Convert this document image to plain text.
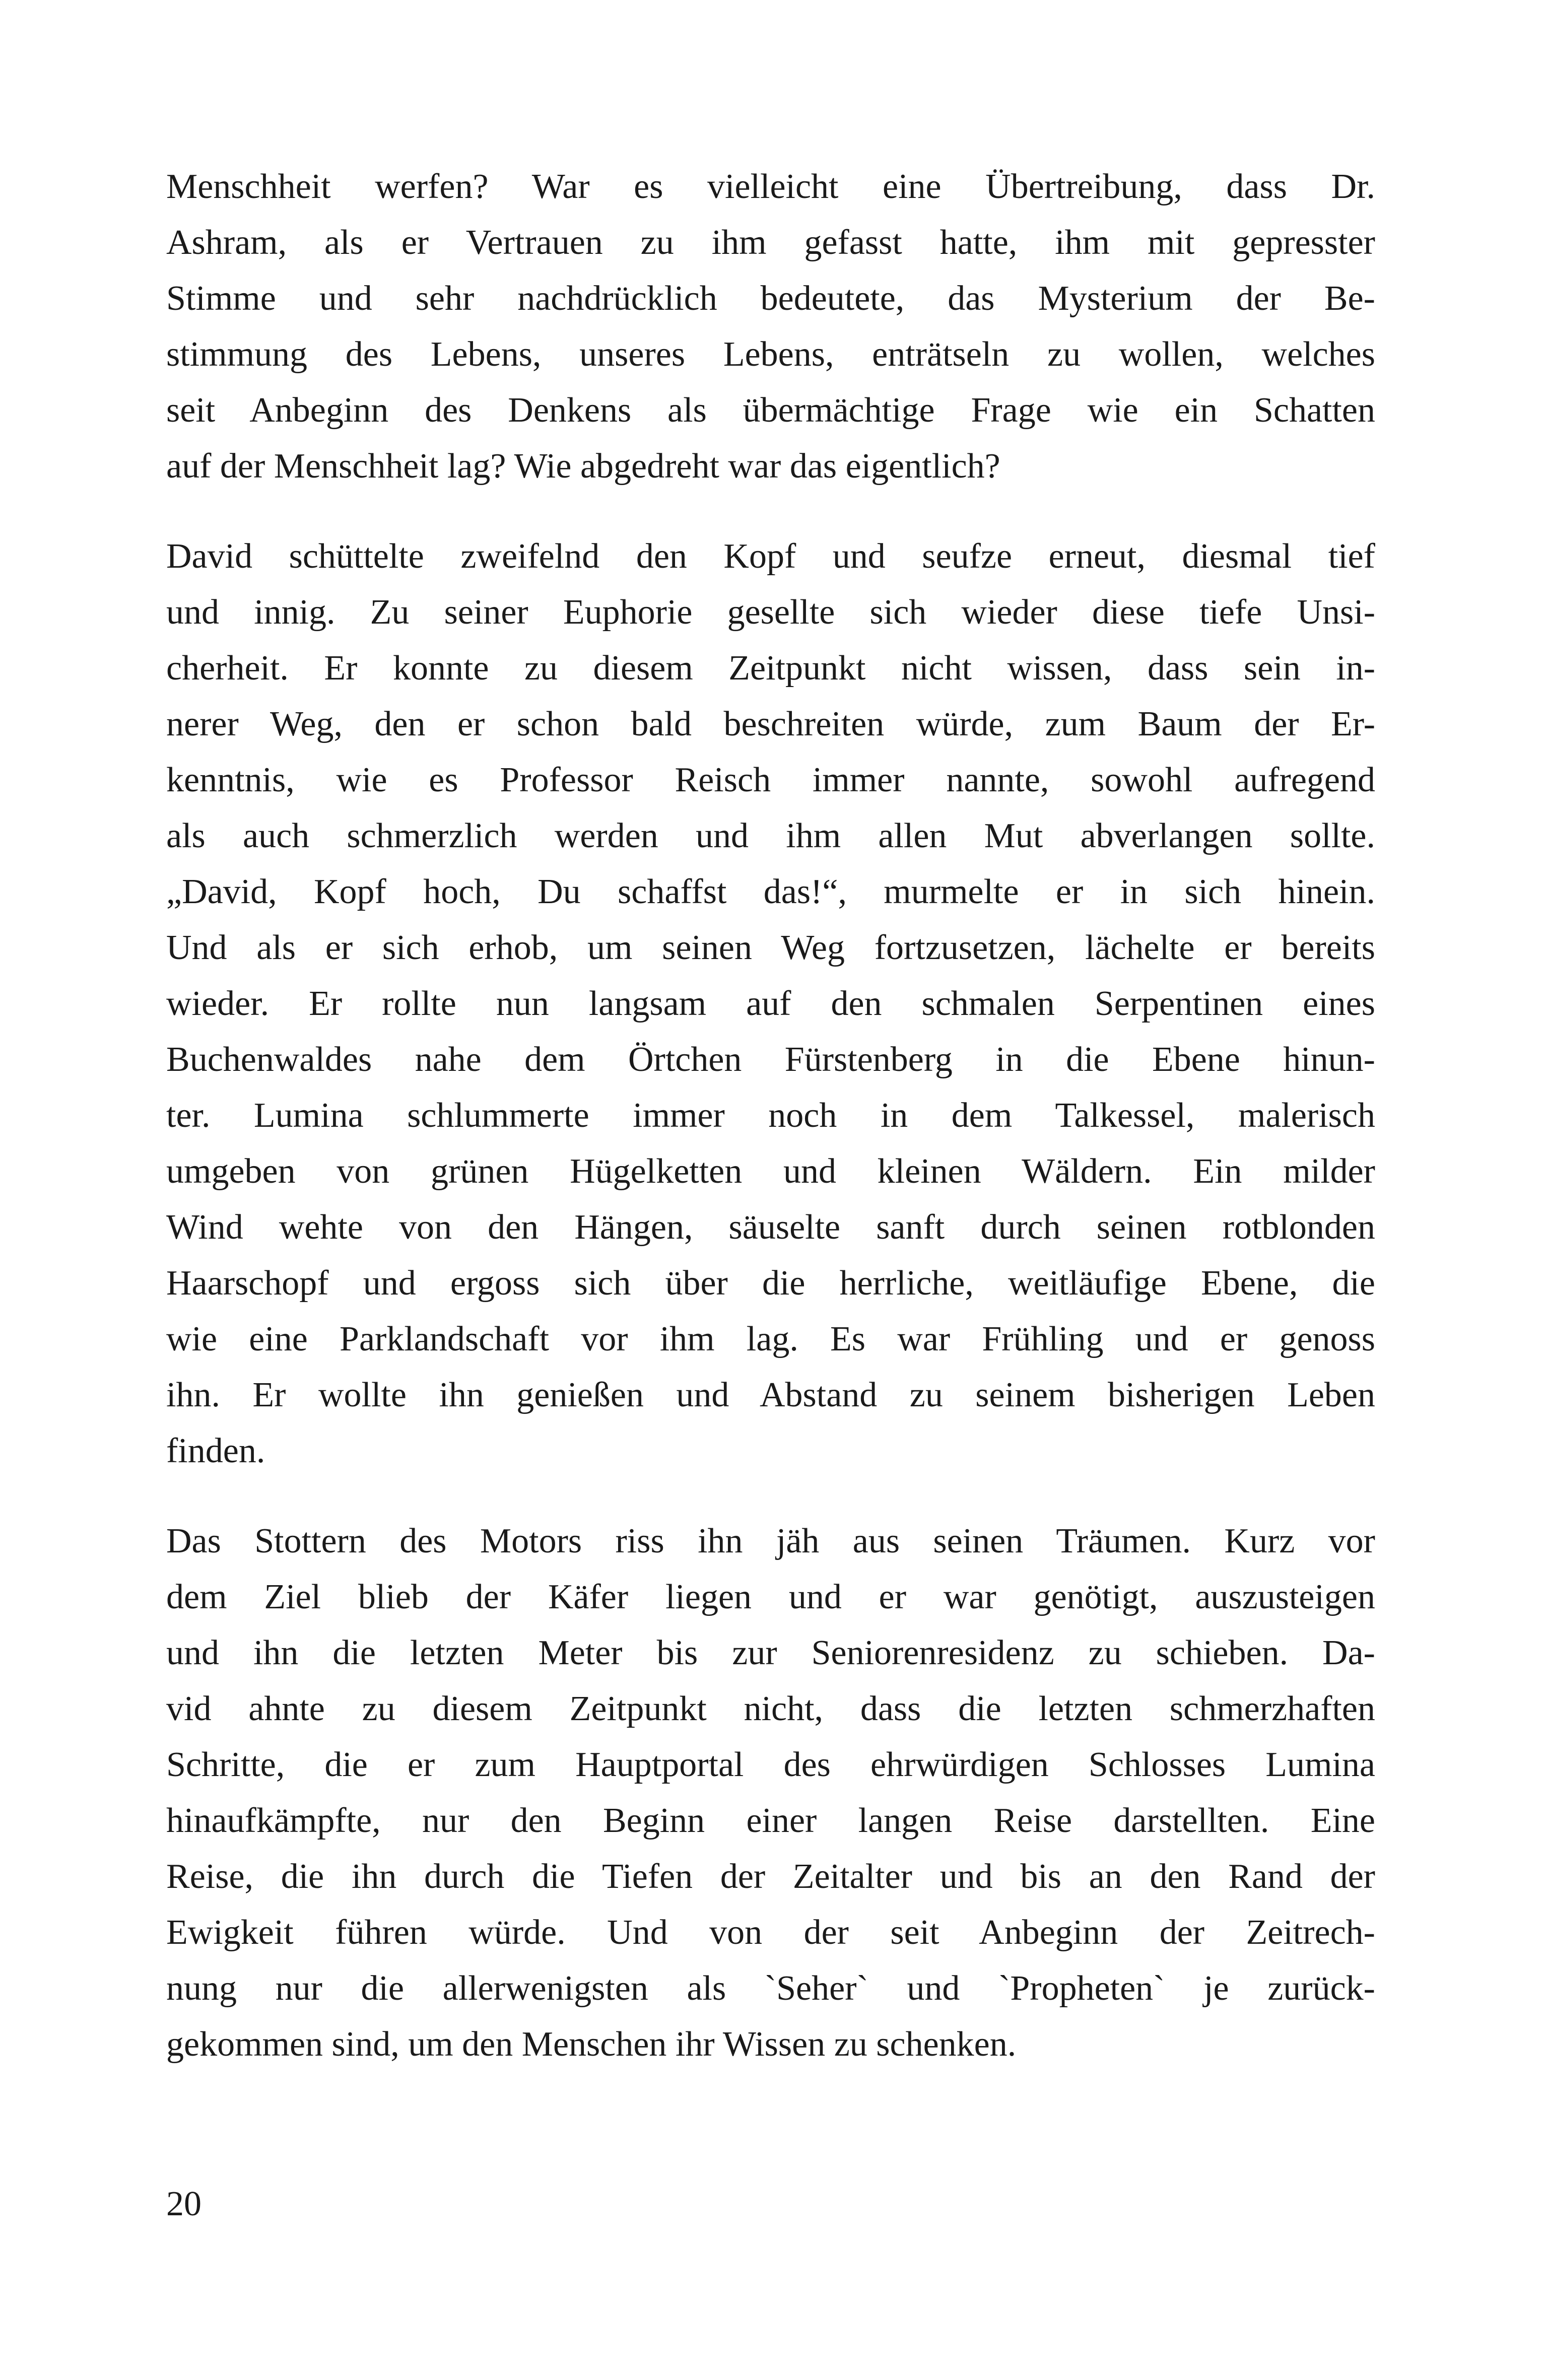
Menschheit werfen? War es vielleicht eine Übertreibung, dass Dr.
Ashram, als er Vertrauen zu ihm gefasst hatte, ihm mit gepresster
Stimme und sehr nachdrücklich bedeutete, das Mysterium der Be-
stimmung des Lebens, unseres Lebens, enträtseln zu wollen, welches
seit Anbeginn des Denkens als übermächtige Frage wie ein Schatten
auf der Menschheit lag? Wie abgedreht war das eigentlich?

David schüttelte zweifelnd den Kopf und seufze erneut, diesmal tief
und innig. Zu seiner Euphorie gesellte sich wieder diese tiefe Unsi-
cherheit. Er konnte zu diesem Zeitpunkt nicht wissen, dass sein in-
nerer Weg, den er schon bald beschreiten würde, zum Baum der Er-
kenntnis, wie es Professor Reisch immer nannte, sowohl aufregend
als auch schmerzlich werden und ihm allen Mut abverlangen sollte.
„David, Kopf hoch, Du schaffst das!“, murmelte er in sich hinein.
Und als er sich erhob, um seinen Weg fortzusetzen, lächelte er bereits
wieder. Er rollte nun langsam auf den schmalen Serpentinen eines
Buchenwaldes nahe dem Örtchen Fürstenberg in die Ebene hinun-
ter. Lumina schlummerte immer noch in dem Talkessel, malerisch
umgeben von grünen Hügelketten und kleinen Wäldern. Ein milder
Wind wehte von den Hängen, säuselte sanft durch seinen rotblonden
Haarschopf und ergoss sich über die herrliche, weitläufige Ebene, die
wie eine Parklandschaft vor ihm lag. Es war Frühling und er genoss
ihn. Er wollte ihn genießen und Abstand zu seinem bisherigen Leben
finden.

Das Stottern des Motors riss ihn jäh aus seinen Träumen. Kurz vor
dem Ziel blieb der Käfer liegen und er war genötigt, auszusteigen
und ihn die letzten Meter bis zur Seniorenresidenz zu schieben. Da-
vid ahnte zu diesem Zeitpunkt nicht, dass die letzten schmerzhaften
Schritte, die er zum Hauptportal des ehrwürdigen Schlosses Lumina
hinaufkämpfte, nur den Beginn einer langen Reise darstellten. Eine
Reise, die ihn durch die Tiefen der Zeitalter und bis an den Rand der
Ewigkeit führen würde. Und von der seit Anbeginn der Zeitrech-
nung nur die allerwenigsten als `Seher` und `Propheten` je zurück-
gekommen sind, um den Menschen ihr Wissen zu schenken.

20
